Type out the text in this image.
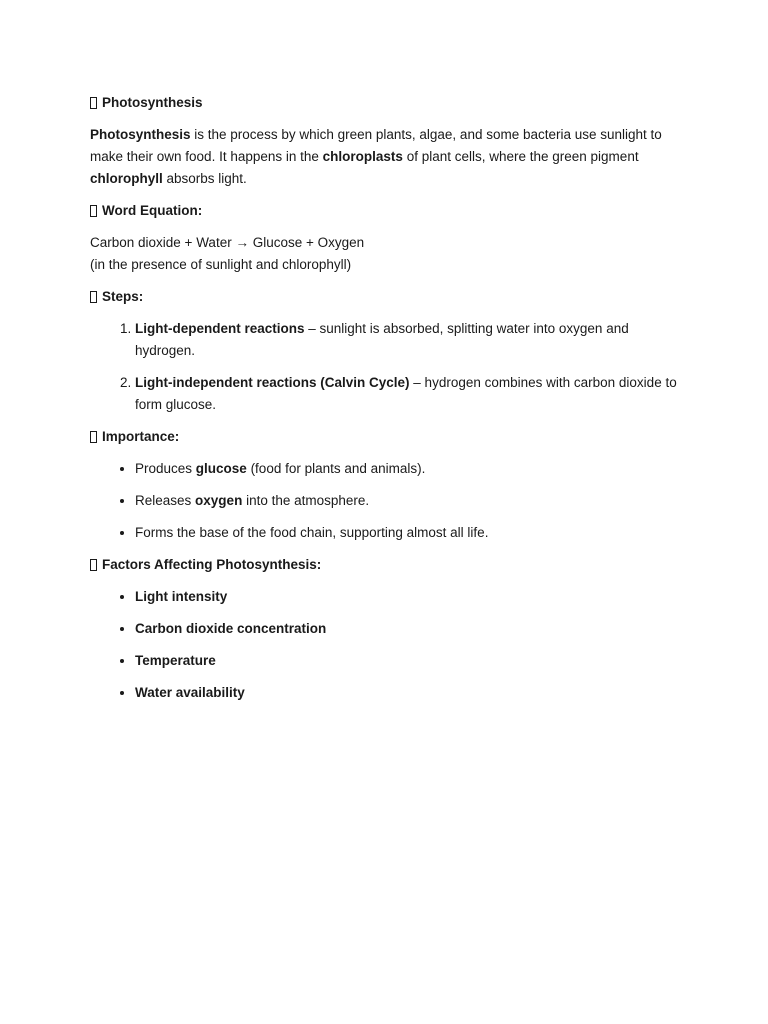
Photosynthesis

Photosynthesis is the process by which green plants, algae, and some bacteria use sunlight to make their own food. It happens in the chloroplasts of plant cells, where the green pigment chlorophyll absorbs light.

Word Equation:
Carbon dioxide + Water → Glucose + Oxygen
(in the presence of sunlight and chlorophyll)
Steps:
1. Light-dependent reactions – sunlight is absorbed, splitting water into oxygen and hydrogen.
2. Light-independent reactions (Calvin Cycle) – hydrogen combines with carbon dioxide to form glucose.
Importance:
• Produces glucose (food for plants and animals).
• Releases oxygen into the atmosphere.
• Forms the base of the food chain, supporting almost all life.
Factors Affecting Photosynthesis:
• Light intensity
• Carbon dioxide concentration
• Temperature
• Water availability
